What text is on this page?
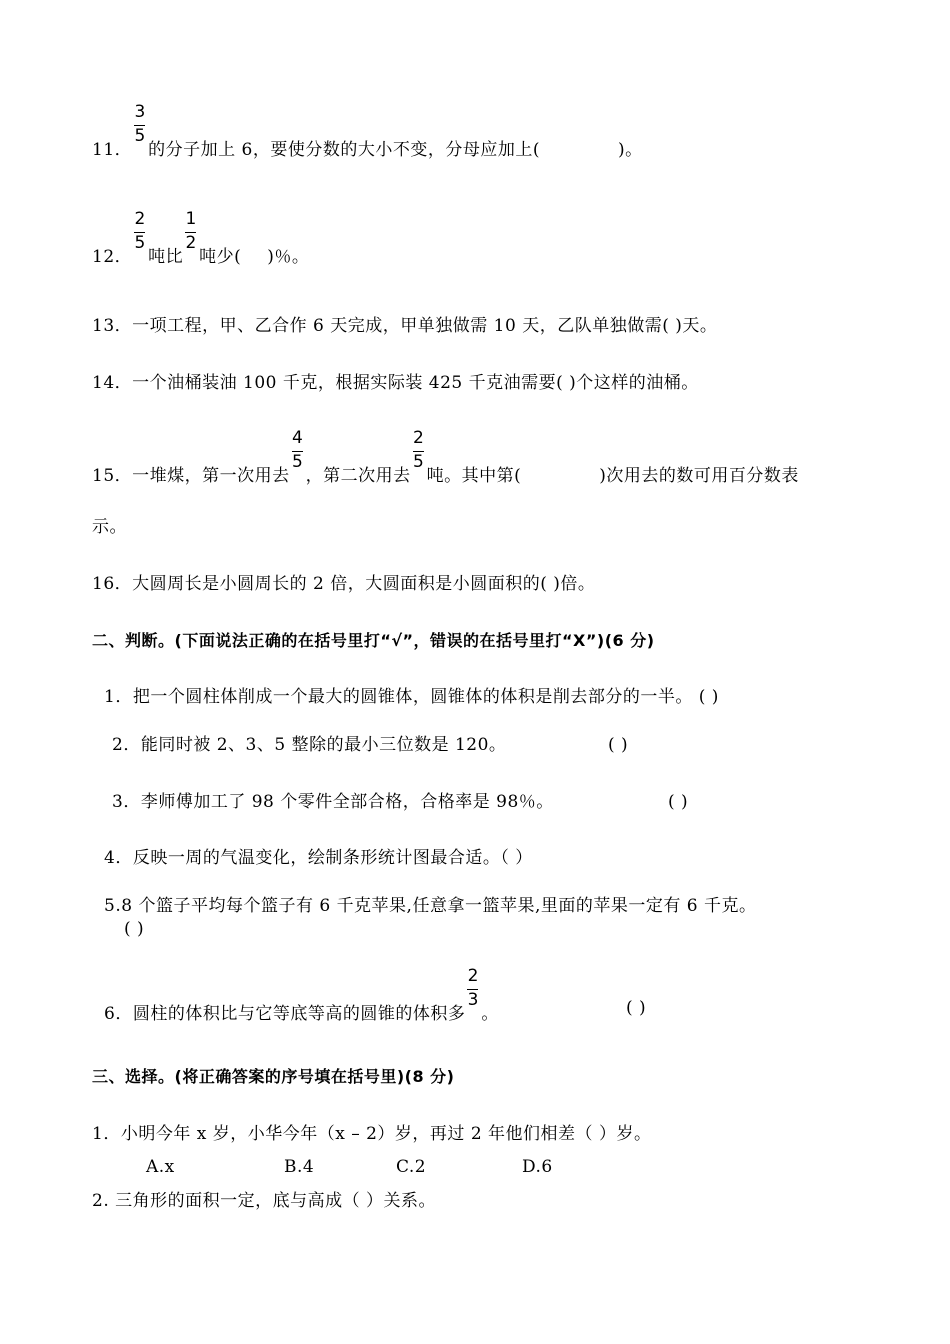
11． $\frac{3}{5}$ 的分子加上 6，要使分数的大小不变，分母应加上(	)。
12． $\frac{2}{5}$ 吨比 $\frac{1}{2}$ 吨少( )％。
13．一项工程，甲、乙合作 6 天完成，甲单独做需 10 天，乙队单独做需( )天。
14．一个油桶装油 100 千克，根据实际装 425 千克油需要( )个这样的油桶。
15．一堆煤，第一次用去 $\frac{4}{5}$ ，第二次用去 $\frac{2}{5}$ 吨。其中第(	)次用去的数可用百分数表
示。
16．大圆周长是小圆周长的 2 倍，大圆面积是小圆面积的( )倍。
二、判断。(下面说法正确的在括号里打“√”，错误的在括号里打“X”)(6 分)
1．把一个圆柱体削成一个最大的圆锥体，圆锥体的体积是削去部分的一半。 ( )
2．能同时被 2、3、5 整除的最小三位数是 120。	( )
3．李师傅加工了 98 个零件全部合格，合格率是 98％。	( )
4．反映一周的气温变化，绘制条形统计图最合适。（ ）
5.8 个篮子平均每个篮子有 6 千克苹果,任意拿一篮苹果,里面的苹果一定有 6 千克。
( )
6．圆柱的体积比与它等底等高的圆锥的体积多 $\frac{2}{3}$ 。	( )
三、选择。(将正确答案的序号填在括号里)(8 分)
1．小明今年 x 岁，小华今年（x – 2）岁，再过 2 年他们相差（ ）岁。
A.x	B.4	C.2	D.6
2. 三角形的面积一定，底与高成（ ）关系。
